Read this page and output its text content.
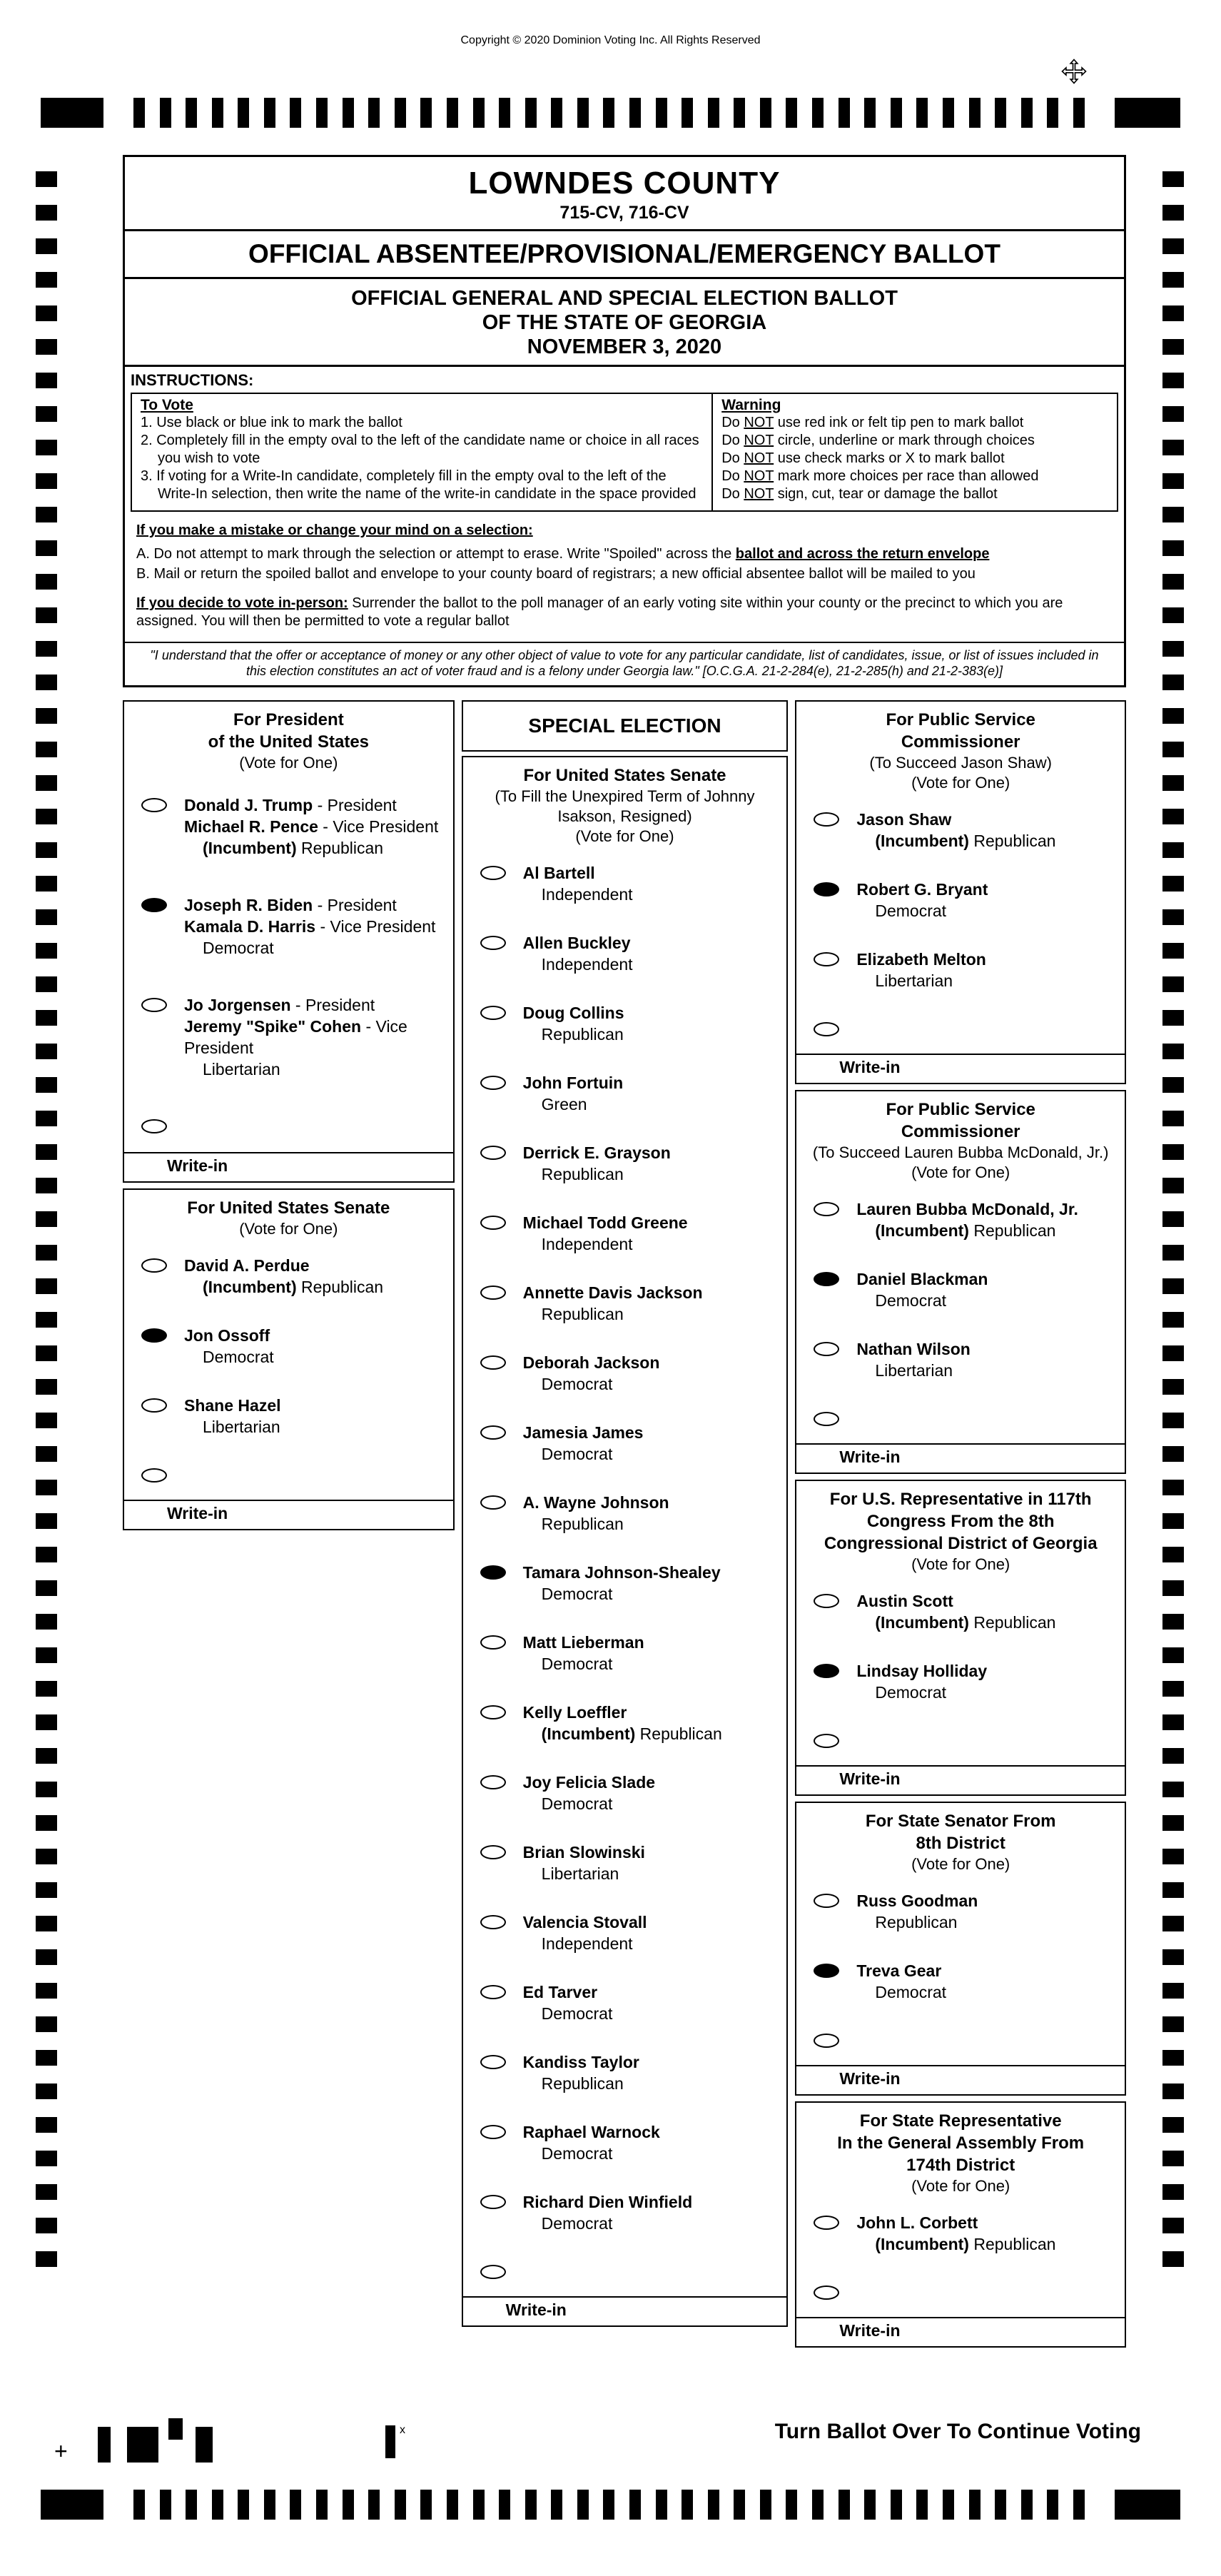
Copyright © 2020 Dominion Voting Inc. All Rights Reserved
LOWNDES COUNTY
715-CV, 716-CV
OFFICIAL ABSENTEE/PROVISIONAL/EMERGENCY BALLOT
OFFICIAL GENERAL AND SPECIAL ELECTION BALLOT
OF THE STATE OF GEORGIA
NOVEMBER 3, 2020
INSTRUCTIONS:
To Vote
1. Use black or blue ink to mark the ballot
2. Completely fill in the empty oval to the left of the candidate name or choice in all races you wish to vote
3. If voting for a Write-In candidate, completely fill in the empty oval to the left of the Write-In selection, then write the name of the write-in candidate in the space provided
Warning
Do NOT use red ink or felt tip pen to mark ballot
Do NOT circle, underline or mark through choices
Do NOT use check marks or X to mark ballot
Do NOT mark more choices per race than allowed
Do NOT sign, cut, tear or damage the ballot
If you make a mistake or change your mind on a selection:
A. Do not attempt to mark through the selection or attempt to erase. Write "Spoiled" across the ballot and across the return envelope
B. Mail or return the spoiled ballot and envelope to your county board of registrars; a new official absentee ballot will be mailed to you
If you decide to vote in-person: Surrender the ballot to the poll manager of an early voting site within your county or the precinct to which you are assigned. You will then be permitted to vote a regular ballot
"I understand that the offer or acceptance of money or any other object of value to vote for any particular candidate, list of candidates, issue, or list of issues included in this election constitutes an act of voter fraud and is a felony under Georgia law." [O.C.G.A. 21-2-284(e), 21-2-285(h) and 21-2-383(e)]
For President
of the United States
(Vote for One)
Donald J. Trump - President
Michael R. Pence - Vice President
(Incumbent) Republican
Joseph R. Biden - President
Kamala D. Harris - Vice President
Democrat
Jo Jorgensen - President
Jeremy "Spike" Cohen - Vice President
Libertarian
Write-in
For United States Senate
(Vote for One)
David A. Perdue
(Incumbent) Republican
Jon Ossoff
Democrat
Shane Hazel
Libertarian
Write-in
SPECIAL ELECTION
For United States Senate
(To Fill the Unexpired Term of Johnny
Isakson, Resigned)
(Vote for One)
Al Bartell
Independent
Allen Buckley
Independent
Doug Collins
Republican
John Fortuin
Green
Derrick E. Grayson
Republican
Michael Todd Greene
Independent
Annette Davis Jackson
Republican
Deborah Jackson
Democrat
Jamesia James
Democrat
A. Wayne Johnson
Republican
Tamara Johnson-Shealey
Democrat
Matt Lieberman
Democrat
Kelly Loeffler
(Incumbent) Republican
Joy Felicia Slade
Democrat
Brian Slowinski
Libertarian
Valencia Stovall
Independent
Ed Tarver
Democrat
Kandiss Taylor
Republican
Raphael Warnock
Democrat
Richard Dien Winfield
Democrat
Write-in
For Public Service
Commissioner
(To Succeed Jason Shaw)
(Vote for One)
Jason Shaw
(Incumbent) Republican
Robert G. Bryant
Democrat
Elizabeth Melton
Libertarian
Write-in
For Public Service
Commissioner
(To Succeed Lauren Bubba McDonald, Jr.)
(Vote for One)
Lauren Bubba McDonald, Jr.
(Incumbent) Republican
Daniel Blackman
Democrat
Nathan Wilson
Libertarian
Write-in
For U.S. Representative in 117th
Congress From the 8th
Congressional District of Georgia
(Vote for One)
Austin Scott
(Incumbent) Republican
Lindsay Holliday
Democrat
Write-in
For State Senator From
8th District
(Vote for One)
Russ Goodman
Republican
Treva Gear
Democrat
Write-in
For State Representative
In the General Assembly From
174th District
(Vote for One)
John L. Corbett
(Incumbent) Republican
Write-in
+
x	Turn Ballot Over To Continue Voting
